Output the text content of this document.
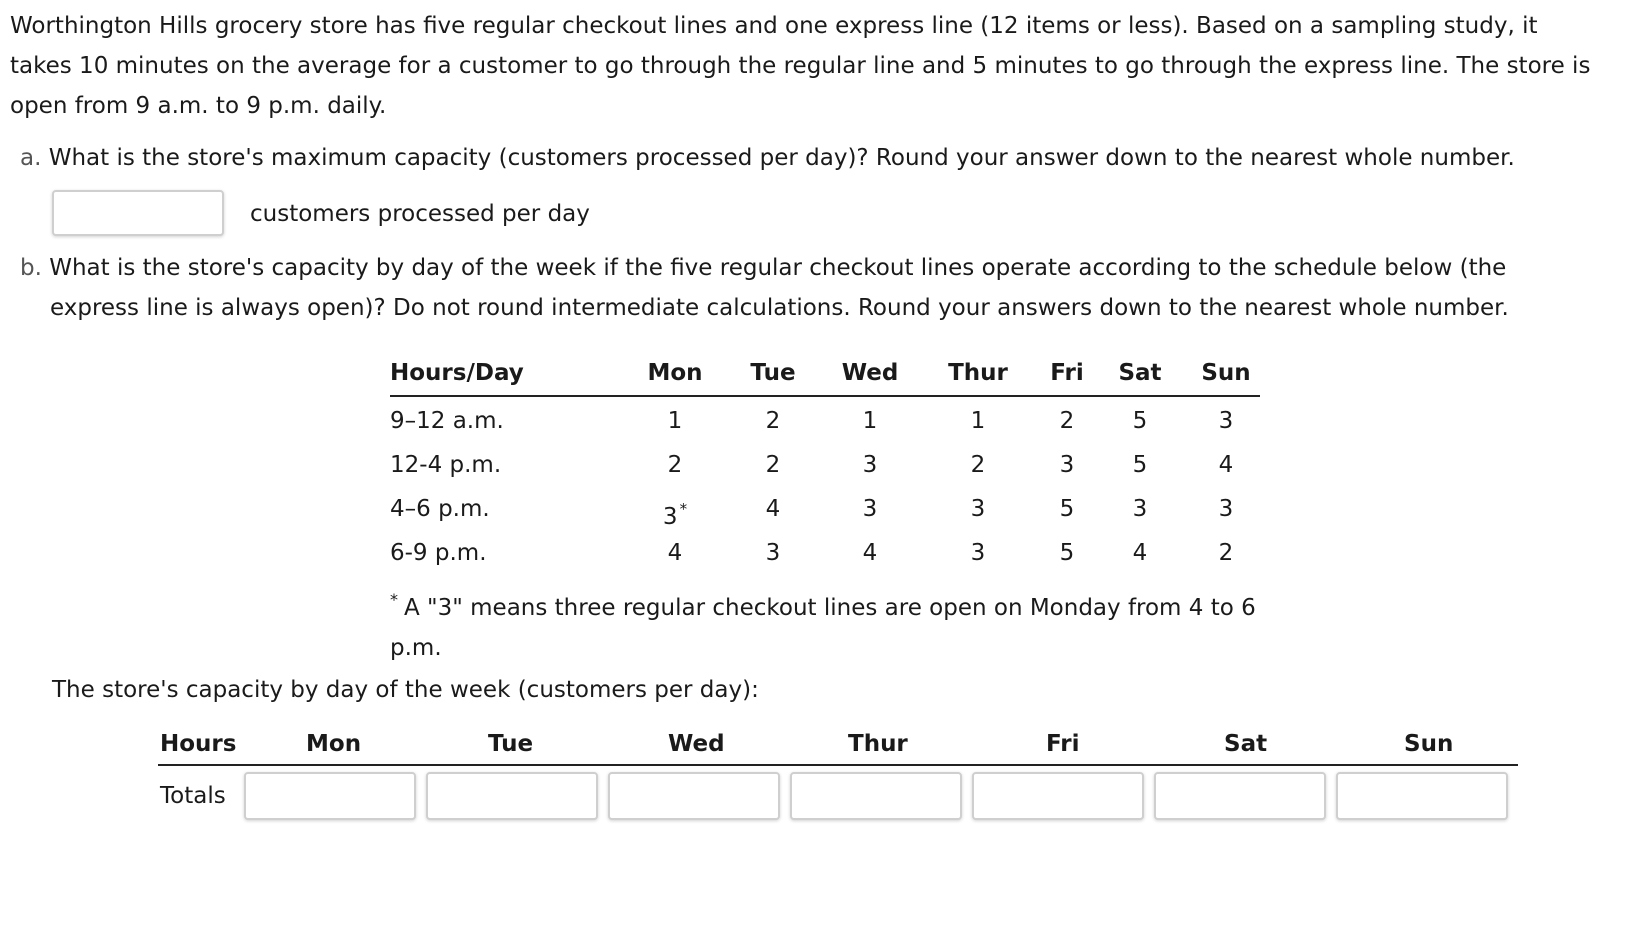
Worthington Hills grocery store has five regular checkout lines and one express line (12 items or less). Based on a sampling study, it takes 10 minutes on the average for a customer to go through the regular line and 5 minutes to go through the express line. The store is open from 9 a.m. to 9 p.m. daily.

a. What is the store's maximum capacity (customers processed per day)? Round your answer down to the nearest whole number.

customers processed per day

b. What is the store's capacity by day of the week if the five regular checkout lines operate according to the schedule below (the
express line is always open)? Do not round intermediate calculations. Round your answers down to the nearest whole number.

Hours/Day	Mon	Tue	Wed	Thur	Fri	Sat	Sun
9–12 a.m.	1	2	1	1	2	5	3
12-4 p.m.	2	2	3	2	3	5	4
4–6 p.m.	3 *	4	3	3	5	3	3
6-9 p.m.	4	3	4	3	5	4	2
* A "3" means three regular checkout lines are open on Monday from 4 to 6 p.m.
The store's capacity by day of the week (customers per day):
Hours	Mon	Tue	Wed	Thur	Fri	Sat	Sun
Totals
